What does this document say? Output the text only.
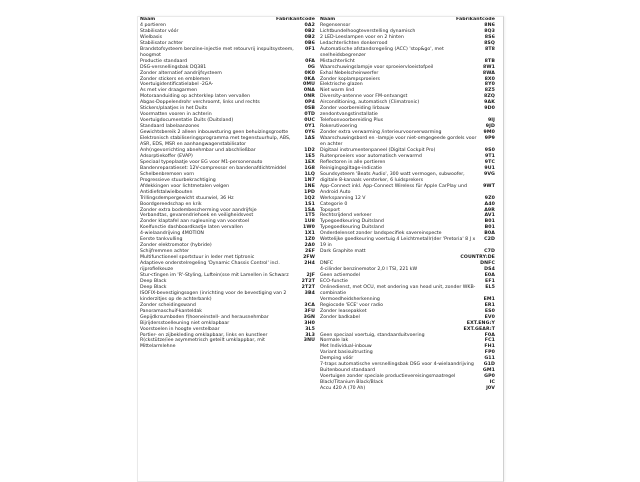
Naam	Fabrikantcode
4 portieren	0A2
Stabilisator vóór	0B2
Wielbasis	0B2
Stabilisator achter	0B6
Brandstofsysteem benzine-injectie met retourvrij inspuitsysteem, hoogmot
0F1
Productie standaard	0FA
DSG-versnellingsbak DQ381	0G
Zonder alternatief aandrijfsysteem	0K0
Zonder stickers en emblemen	0KA
Voertuigidentificatielabel -2GA-	0MU
As met vier draagarmen	0NA
Motoraanduiding op achterklep laten vervallen	0NR
Abgas-Doppelendrohr verchroomt, links und rechts	0P4
Stickers/plaatjes in het Duits	0SB
Voormatten vooren in achterin	0TD
Voertuigdocumentatie Duits (Duitsland)	0UC
Standaard labelaanzones	0Y1
Gewichtsbereik 2 alleen inbouwsturing geen behuizingsgrootte	0Y6
Elektronisch stabiliseringsprogramma met tegenstuurhulp, ABS, ASR, EDS, MSR en aanhangwagenstabilisator
1AS
Anh(ngevorrichting abnehmbar und abschließbar	1D2
Adsorptiekoffer (EVAP)	1E5
Speciaal typeplaatje voor EG voor M1-personenauto	1EX
Bandenreparatieset: 12V-compressor en bandenafdichtmiddel	1G8
Schelbenbremsen vorn	1LQ
Progressieve stuurbekrachtiging	1N7
Afdekkingen voor lichtmetalen velgen	1NE
Antidiefstalwielbouten	1PD
Trillingsdempergewicht stuurwiel, 36 Hz	1Q2
Boordgereedschap en krik	1S1
Zonder extra bodembescherming voor aandrijfsje	1SA
Verbandtas, gevarendriehoek en veiligheidsvest	1T5
Zonder klaptafel aan rugleuning van voorstoel	1U8
Koelfunctie dashboardkastje laten vervallen	1W0
4-wielaandrijving 4MOTION	1X1
Eerste tankvulling	1Z0
Zonder elektromotor (hybride)	2A0
Schijfremmen achter	2EF
Multifunctioneel sportstuur in leder met tiptronic	2FW
Adaptieve onderstelregeling 'Dynamic Chassis Control' incl. rijprofielkeuze
2H4
Stur<ťingen im 'R'-Styling, Luftein(sse mit Lamellen in Schwarz	2JF
Deep Black	2T2T
Deep Black	2T2T
ISOFIX-bevestigingsogen (inrichting voor de bevestiging van 2 kinderzitjes op de achterbank)
3B4
Zonder scheidingswand	3CA
Panoramaschuif-kanteldak	3FU
Gepijdkrsumboden f(hoeneinstell- and herausnehmbar	3GN
Bijrijdersstoelleuning niet omklapbaar	3H0
Voorstoelen in hoogte verstelbaar	3L5
Portier- en zijbekleding omklapbaar, links en kunstleer	3L3
R(ckstütze/iee asymmetrisch geteilt umklappbar, mit Mittelarmlehne
3NU
Naam	Fabrikantcode
Regensensor	8N6
Lichtbundelhoogteverstelling dynamisch	8Q3
2 LED-Leeslampen voor en 2 hinten	8S6
Ledachterlichten donkerrood	8SQ
Automatische afstandsregeling (ACC) 'stop&go', met snelheidsbegrenzer
8T8
Mistachterlicht	8TB
Waarschuwingslampje voor sproeiervloeistofpeil	8W1
Exhal NebeIscheinwerfer	8WA
Zonder koplampsproeiers	8X0
Elektrische glazen	8Y0
Niet warm lind	8Z5
Diversity-antenne voor FM-ontvangst	8ZQ
Airconditioning, automatisch (Climatronic)	9AK
Zonder voorbereiding lirbauw	9D0
zendontvangstinstallatie
Telefoonvoorbereiding Plus	9IJ
Rokerutivoering	9JD
Zonder extra verwarming /interieurvoorverwarming	9M0
Waarschuwingsbord en -lampje voor niet-omgegeede gordels voor en achter
9P9
Digitaal instrumentenpaneel (Digital Cockpit Pro)	9S0
Ruitenproeiers voor automatisch verwarmd	9T1
Reflectoren in alle portieren	9TC
Reinigingsgiltage-indicatie	9U1
Soundsysteem 'Beats Audio', 300 watt vermogen, subwoofer, digitale 8-kanaals versterker, 6 luidsprekers
9VG
App-Connect inkl. App-Connect Wireless für Apple CarPlay und Android Auto
9WT
Werkspanning 12 V	9Z0
Categorie 0	A40
Topsport	A9R
Rechtsrijdend verkeer	AV1
Typegoedkeuring Duitsland	B01
Typegoedkeuring Duitsland	B01
Onderdelenset zonder landspecifiek savereinspecte	B0A
Wettelijke goedkeuring voertuig 4 Leichtmetallr(der 'Pretoria' 8 J x 19 in
C2D
Dark Graphite matt	C7D
COUNTRY:DE
DNFC	DNFC
4-cilinder benzinemotor 2,0 l TSI, 221 kW	DS4
Geen actiemodel	E0A
ECO-functie	EF1
Onlinedienst, met OCU, met ondering van head unit, zonder WKB-combinatie
EL5
Vermoedheidsherkenning	EM1
Regiocode 'ECE' voor radio	ER1
Zonder leasepakket	ES0
Zonder badkabel	EV0
EXT.ENG:Y
EXT.GEAR:T
Geen speciaal voertuig, standaarduitvoering	F0A
Normale lak	FC1
Met Individual-inbouw	FH1
Variant basisuitrusting	FP0
Demping vóór	G11
7-traps automatische versnellingsbak DSG voor 4-wielaandrijving	G1D
Buitenbound standaard	GM1
Voertuigen zonder speciale productievereisingsmaatregel	GP0
Black/Titanium Black/Black	IC
Accu 420 A (70 Ah)	J0V
